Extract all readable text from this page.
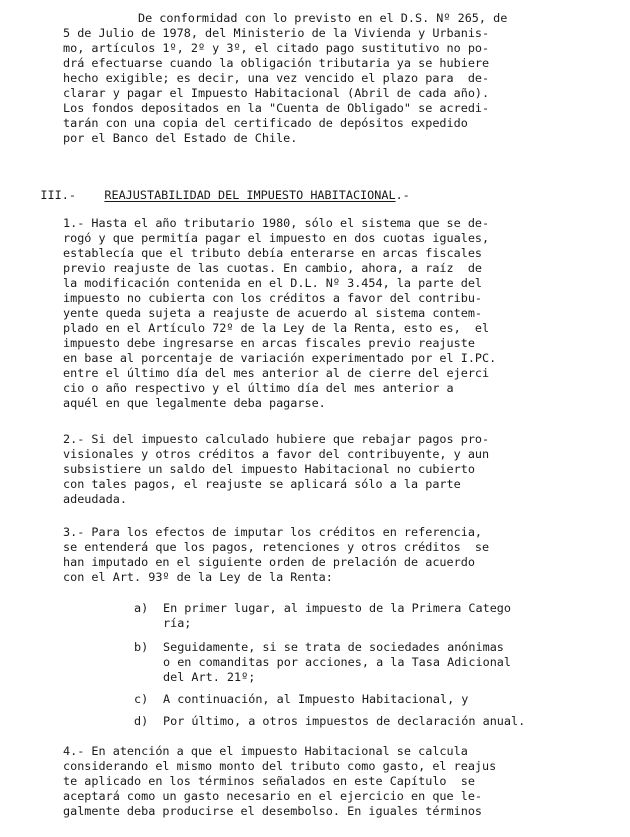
De conformidad con lo previsto en el D.S. Nº 265, de
5 de Julio de 1978, del Ministerio de la Vivienda y Urbanis-
mo, artículos 1º, 2º y 3º, el citado pago sustitutivo no po-
drá efectuarse cuando la obligación tributaria ya se hubiere
hecho exigible; es decir, una vez vencido el plazo para  de-
clarar y pagar el Impuesto Habitacional (Abril de cada año).
Los fondos depositados en la "Cuenta de Obligado" se acredi-
tarán con una copia del certificado de depósitos expedido
por el Banco del Estado de Chile.

III.- REAJUSTABILIDAD DEL IMPUESTO HABITACIONAL.-

1.- Hasta el año tributario 1980, sólo el sistema que se de-
rogó y que permitía pagar el impuesto en dos cuotas iguales,
establecía que el tributo debía enterarse en arcas fiscales
previo reajuste de las cuotas. En cambio, ahora, a raíz  de
la modificación contenida en el D.L. Nº 3.454, la parte del
impuesto no cubierta con los créditos a favor del contribu-
yente queda sujeta a reajuste de acuerdo al sistema contem-
plado en el Artículo 72º de la Ley de la Renta, esto es,  el
impuesto debe ingresarse en arcas fiscales previo reajuste
en base al porcentaje de variación experimentado por el I.PC.
entre el último día del mes anterior al de cierre del ejerci
cio o año respectivo y el último día del mes anterior a
aquél en que legalmente deba pagarse.
2.- Si del impuesto calculado hubiere que rebajar pagos pro-
visionales y otros créditos a favor del contribuyente, y aun
subsistiere un saldo del impuesto Habitacional no cubierto
con tales pagos, el reajuste se aplicará sólo a la parte
adeudada.
3.- Para los efectos de imputar los créditos en referencia,
se entenderá que los pagos, retenciones y otros créditos  se
han imputado en el siguiente orden de prelación de acuerdo
con el Art. 93º de la Ley de la Renta:
a) En primer lugar, al impuesto de la Primera Catego
ría;
b) Seguidamente, si se trata de sociedades anónimas
o en comanditas por acciones, a la Tasa Adicional
del Art. 21º;
c) A continuación, al Impuesto Habitacional, y
d) Por último, a otros impuestos de declaración anual.
4.- En atención a que el impuesto Habitacional se calcula
considerando el mismo monto del tributo como gasto, el reajus
te aplicado en los términos señalados en este Capítulo  se
aceptará como un gasto necesario en el ejercicio en que le-
galmente deba producirse el desembolso. En iguales términos
